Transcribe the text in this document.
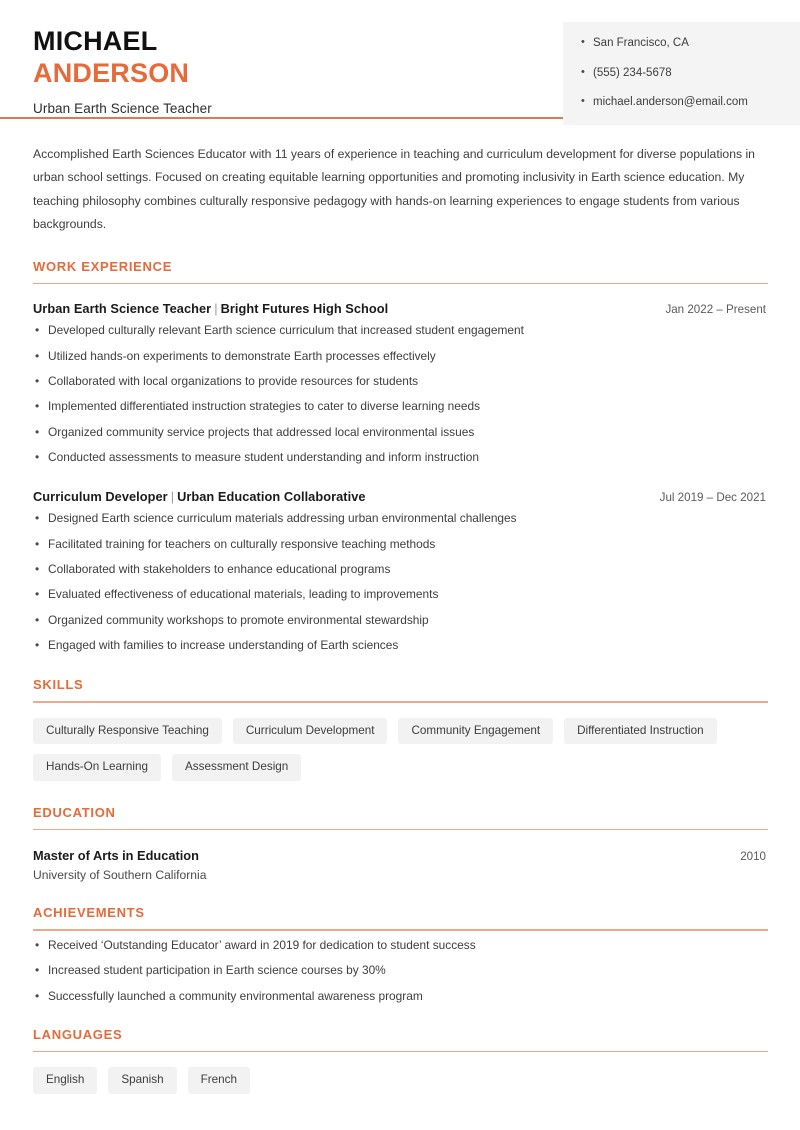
MICHAEL
ANDERSON
Urban Earth Science Teacher
• San Francisco, CA
• (555) 234-5678
• michael.anderson@email.com

Accomplished Earth Sciences Educator with 11 years of experience in teaching and curriculum development for diverse populations in urban school settings. Focused on creating equitable learning opportunities and promoting inclusivity in Earth science education. My teaching philosophy combines culturally responsive pedagogy with hands-on learning experiences to engage students from various backgrounds.

WORK EXPERIENCE
Urban Earth Science Teacher | Bright Futures High School	Jan 2022 – Present
• Developed culturally relevant Earth science curriculum that increased student engagement
• Utilized hands-on experiments to demonstrate Earth processes effectively
• Collaborated with local organizations to provide resources for students
• Implemented differentiated instruction strategies to cater to diverse learning needs
• Organized community service projects that addressed local environmental issues
• Conducted assessments to measure student understanding and inform instruction
Curriculum Developer | Urban Education Collaborative	Jul 2019 – Dec 2021
• Designed Earth science curriculum materials addressing urban environmental challenges
• Facilitated training for teachers on culturally responsive teaching methods
• Collaborated with stakeholders to enhance educational programs
• Evaluated effectiveness of educational materials, leading to improvements
• Organized community workshops to promote environmental stewardship
• Engaged with families to increase understanding of Earth sciences
SKILLS
Culturally Responsive Teaching	Curriculum Development	Community Engagement	Differentiated Instruction
Hands-On Learning	Assessment Design
EDUCATION
Master of Arts in Education	2010
University of Southern California
ACHIEVEMENTS
• Received ‘Outstanding Educator’ award in 2019 for dedication to student success
• Increased student participation in Earth science courses by 30%
• Successfully launched a community environmental awareness program
LANGUAGES
English	Spanish	French
